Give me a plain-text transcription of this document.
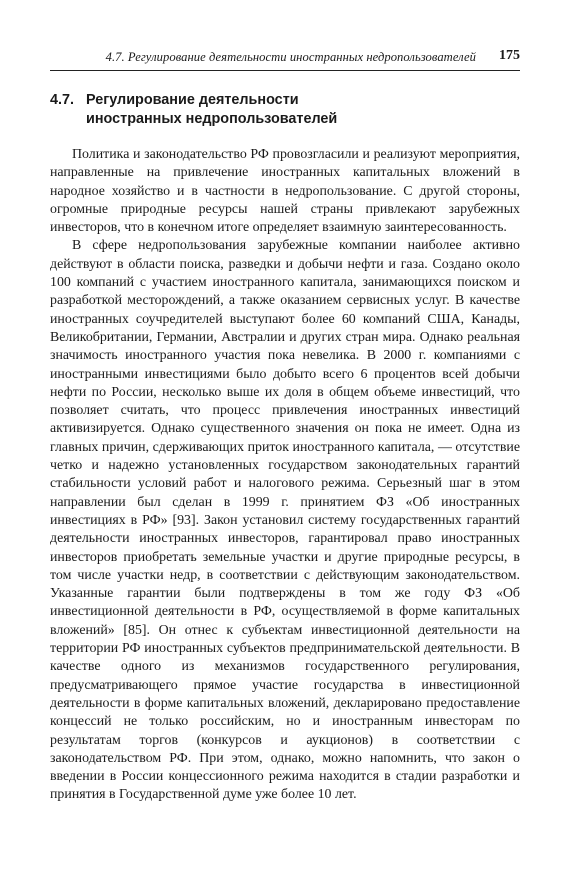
4.7. Регулирование деятельности иностранных недропользователей 175
4.7. Регулирование деятельности
иностранных недропользователей

Политика и законодательство РФ провозгласили и реализуют мероприятия, направленные на привлечение иностранных капитальных вложений в народное хозяйство и в частности в недропользование. С другой стороны, огромные природные ресурсы нашей страны привлекают зарубежных инвесторов, что в конечном итоге определяет взаимную заинтересованность.

В сфере недропользования зарубежные компании наиболее активно действуют в области поиска, разведки и добычи нефти и газа. Создано около 100 компаний с участием иностранного капитала, занимающихся поиском и разработкой месторождений, а также оказанием сервисных услуг. В качестве иностранных соучредителей выступают более 60 компаний США, Канады, Великобритании, Германии, Австралии и других стран мира. Однако реальная значимость иностранного участия пока невелика. В 2000 г. компаниями с иностранными инвестициями было добыто всего 6 процентов всей добычи нефти по России, несколько выше их доля в общем объеме инвестиций, что позволяет считать, что процесс привлечения иностранных инвестиций активизируется. Однако существенного значения он пока не имеет. Одна из главных причин, сдерживающих приток иностранного капитала, — отсутствие четко и надежно установленных государством законодательных гарантий стабильности условий работ и налогового режима. Серьезный шаг в этом направлении был сделан в 1999 г. принятием ФЗ «Об иностранных инвестициях в РФ» [93]. Закон установил систему государственных гарантий деятельности иностранных инвесторов, гарантировал право иностранных инвесторов приобретать земельные участки и другие природные ресурсы, в том числе участки недр, в соответствии с действующим законодательством. Указанные гарантии были подтверждены в том же году ФЗ «Об инвестиционной деятельности в РФ, осуществляемой в форме капитальных вложений» [85]. Он отнес к субъектам инвестиционной деятельности на территории РФ иностранных субъектов предпринимательской деятельности. В качестве одного из механизмов государственного регулирования, предусматривающего прямое участие государства в инвестиционной деятельности в форме капитальных вложений, декларировано предоставление концессий не только российским, но и иностранным инвесторам по результатам торгов (конкурсов и аукционов) в соответствии с законодательством РФ. При этом, однако, можно напомнить, что закон о введении в России концессионного режима находится в стадии разработки и принятия в Государственной думе уже более 10 лет.
